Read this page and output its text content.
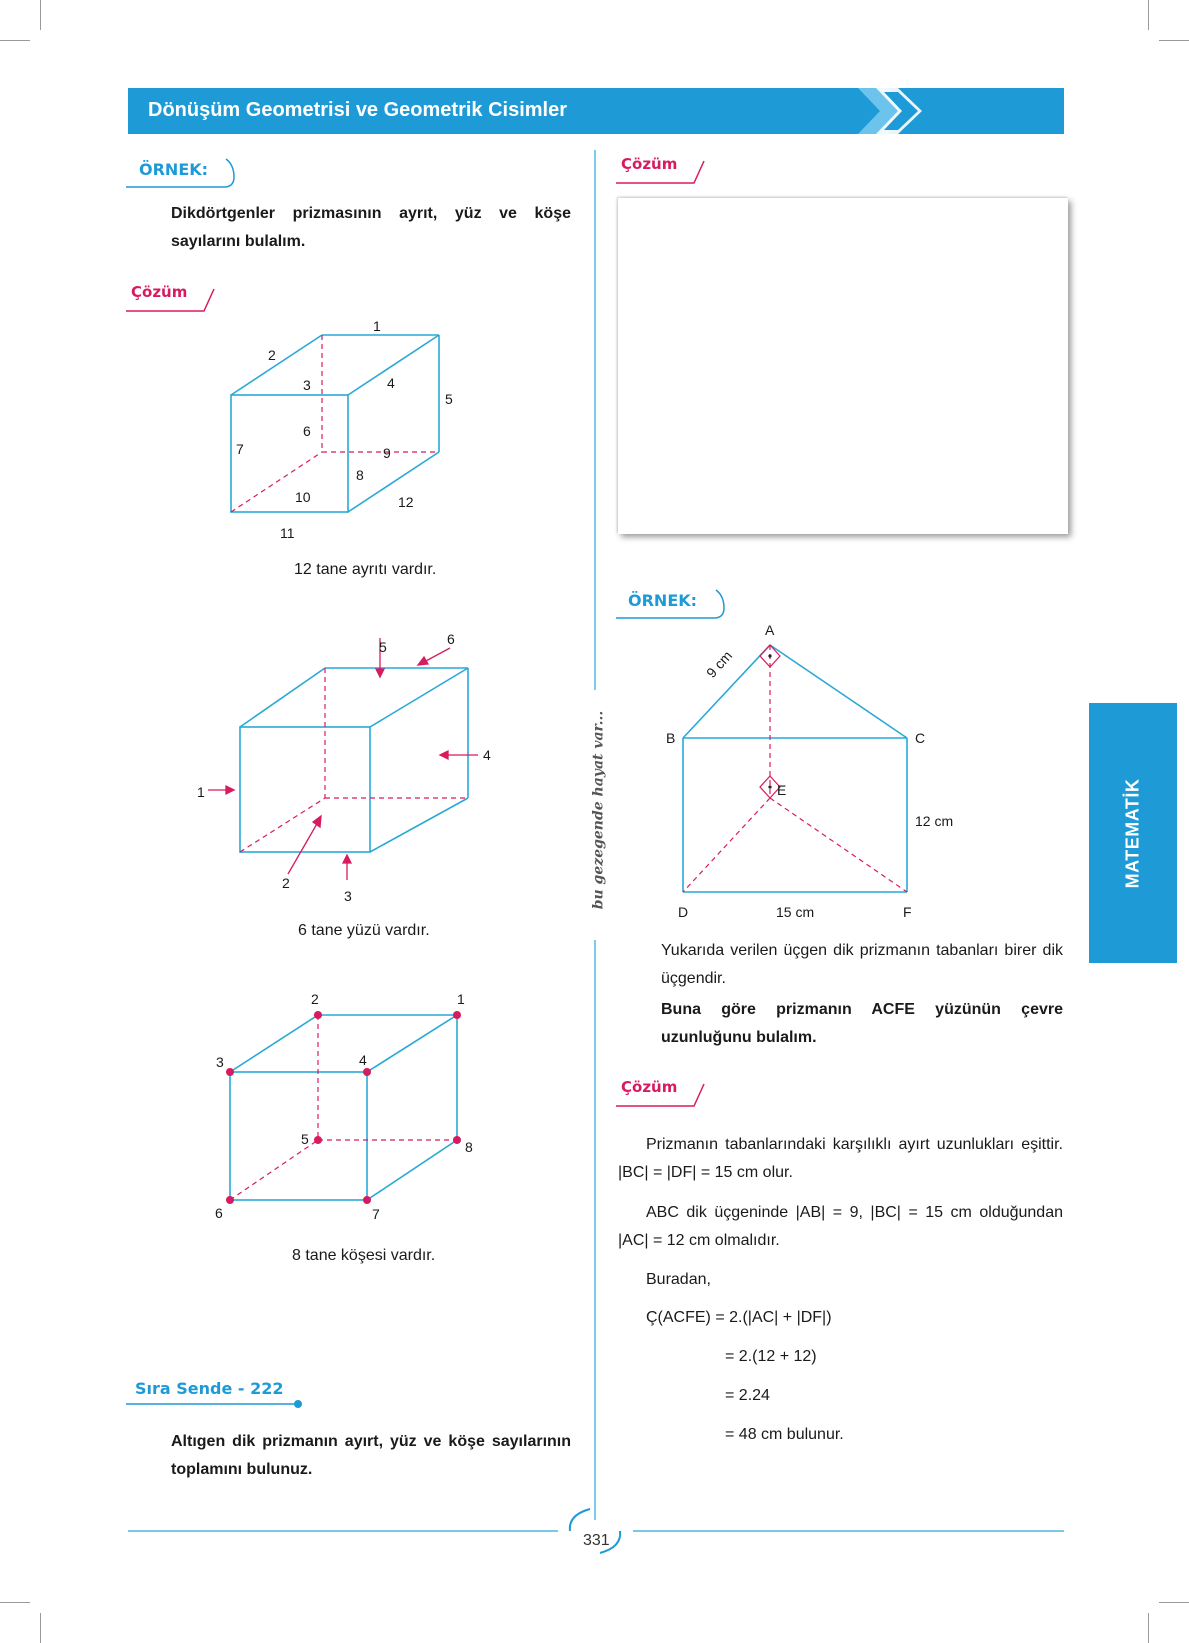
Dönüşüm Geometrisi ve Geometrik Cisimler
MATEMATİK
bu gezegende hayat var...
ÖRNEK:
Dikdörtgenler prizmasının ayrıt, yüz ve köşe sayılarını bulalım.
Çözüm
1
2
3	4
5
6
7
8
9
10
11
12
12 tane ayrıtı vardır.
1
2
3
4
5	6
6 tane yüzü vardır.
1
2
3	4
5
6	7
8
8 tane köşesi vardır.
Sıra Sende - 222
Altıgen dik prizmanın ayırt, yüz ve köşe sayılarının toplamını bulunuz.
Çözüm
ÖRNEK:
A
B	C
E
D	F
9 cm
12 cm
15 cm
Yukarıda verilen üçgen dik prizmanın tabanları birer dik üçgendir.
Buna göre prizmanın ACFE yüzünün çevre uzunluğunu bulalım.
Çözüm
Prizmanın tabanlarındaki karşılıklı ayırt uzunlukları eşittir. |BC| = |DF| = 15 cm olur.
ABC dik üçgeninde |AB| = 9, |BC| = 15 cm olduğundan |AC| = 12 cm olmalıdır.
Buradan,
Ç(ACFE) = 2.(|AC| + |DF|)
= 2.(12 + 12)
= 2.24
= 48 cm bulunur.
331
